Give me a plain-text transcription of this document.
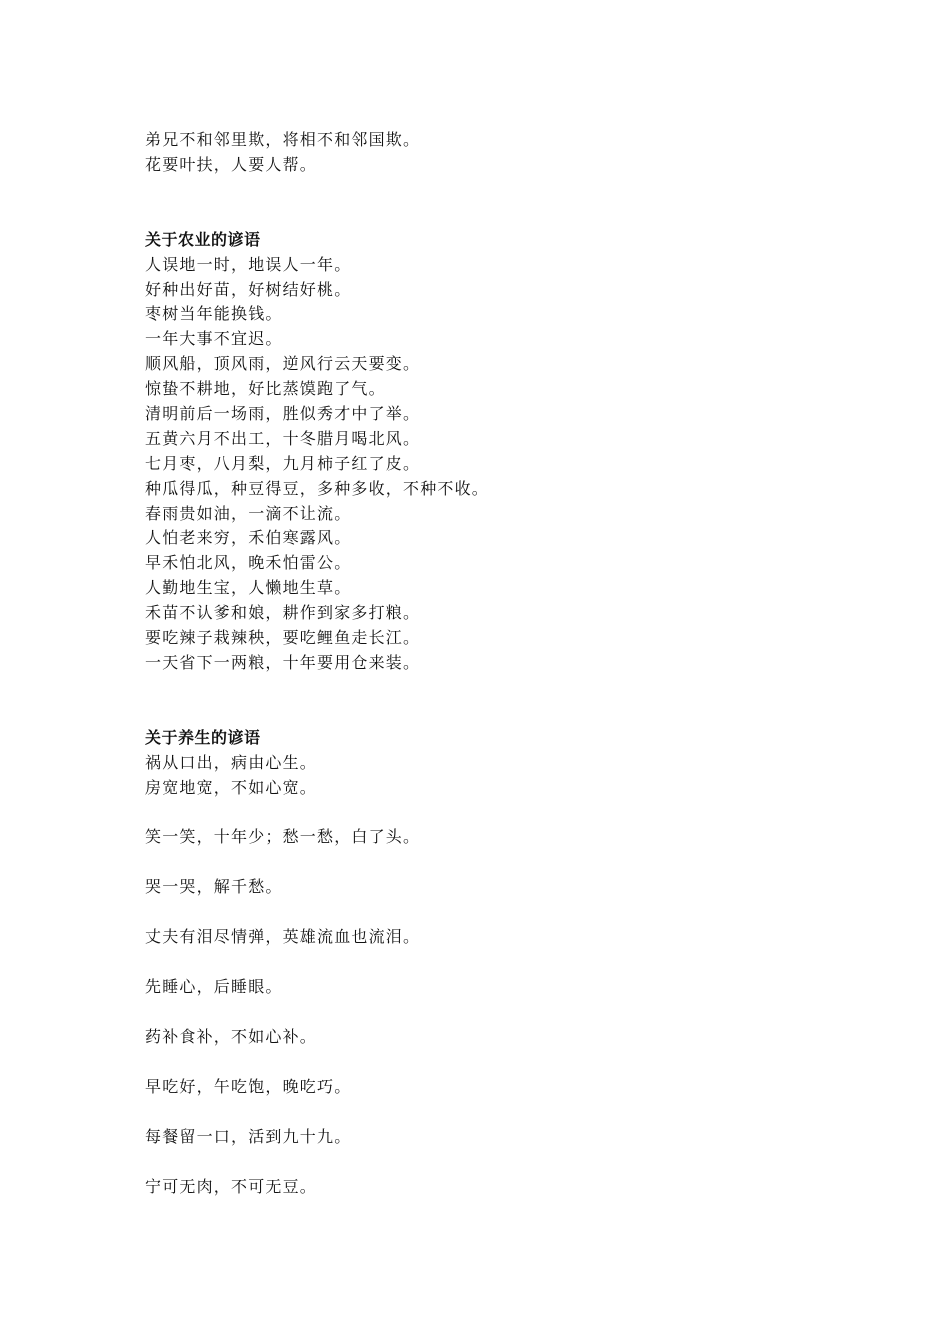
弟兄不和邻里欺，将相不和邻国欺。
花要叶扶，人要人帮。
关于农业的谚语
人误地一时，地误人一年。
好种出好苗，好树结好桃。
枣树当年能换钱。
一年大事不宜迟。
顺风船，顶风雨，逆风行云天要变。
惊蛰不耕地，好比蒸馍跑了气。
清明前后一场雨，胜似秀才中了举。
五黄六月不出工，十冬腊月喝北风。
七月枣，八月梨，九月柿子红了皮。
种瓜得瓜，种豆得豆，多种多收，不种不收。
春雨贵如油，一滴不让流。
人怕老来穷，禾伯寒露风。
早禾怕北风，晚禾怕雷公。
人勤地生宝，人懒地生草。
禾苗不认爹和娘，耕作到家多打粮。
要吃辣子栽辣秧，要吃鲤鱼走长江。
一天省下一两粮，十年要用仓来装。
关于养生的谚语
祸从口出，病由心生。
房宽地宽，不如心宽。
笑一笑，十年少；愁一愁，白了头。
哭一哭，解千愁。
丈夫有泪尽情弹，英雄流血也流泪。
先睡心，后睡眼。
药补食补，不如心补。
早吃好，午吃饱，晚吃巧。
每餐留一口，活到九十九。
宁可无肉，不可无豆。
